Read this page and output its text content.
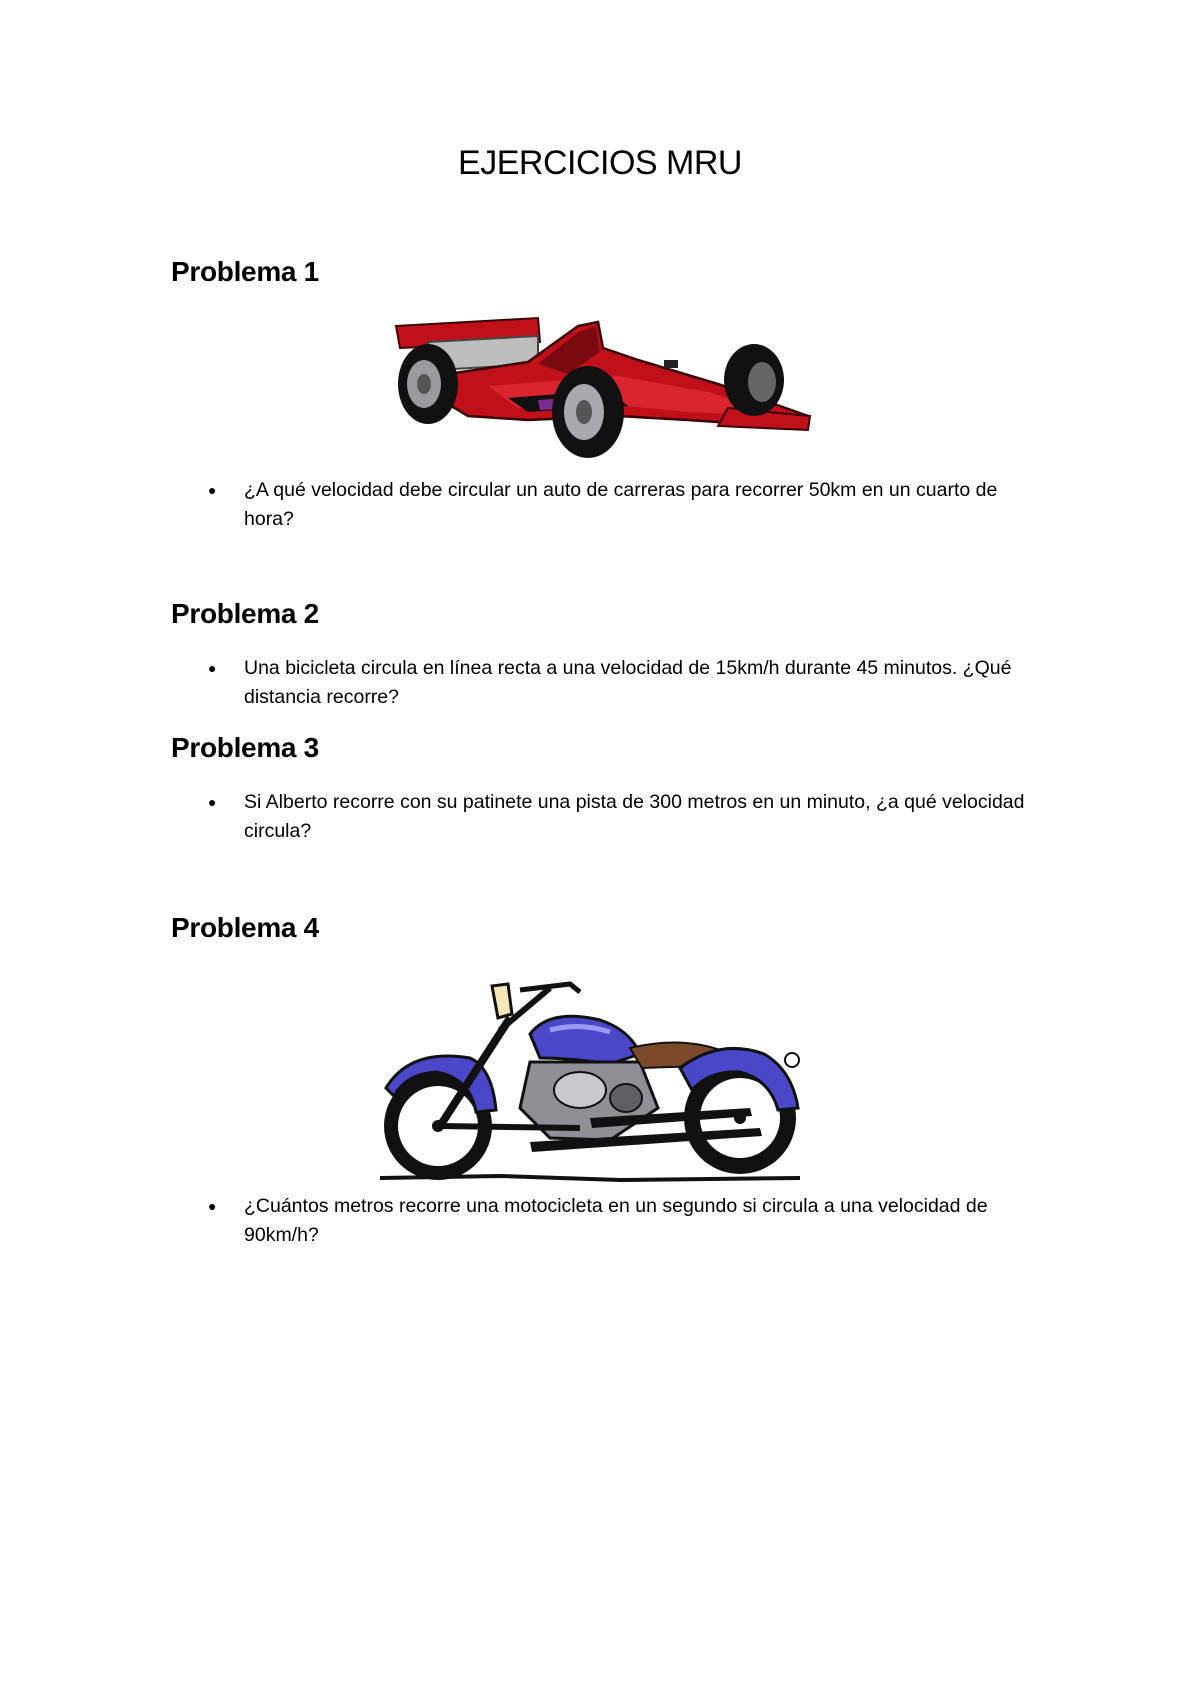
EJERCICIOS MRU
Problema 1
●	¿A qué velocidad debe circular un auto de carreras para recorrer 50km en un cuarto de hora?
Problema 2
●	Una bicicleta circula en línea recta a una velocidad de 15km/h durante 45 minutos. ¿Qué distancia recorre?
Problema 3
●	Si Alberto recorre con su patinete una pista de 300 metros en un minuto, ¿a qué velocidad circula?
Problema 4
●	¿Cuántos metros recorre una motocicleta en un segundo si circula a una velocidad de 90km/h?
